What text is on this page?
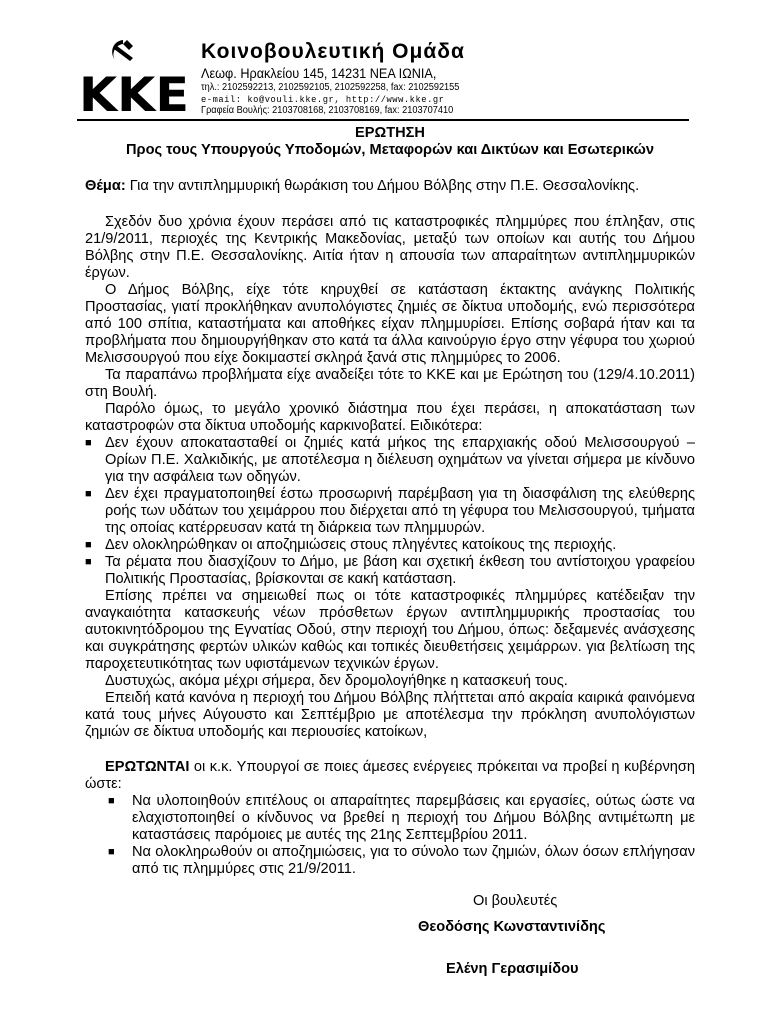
KKE
Κοινοβουλευτική Ομάδα
Λεωφ. Ηρακλείου 145, 14231 ΝΕΑ ΙΩΝΙΑ,
τηλ.: 2102592213, 2102592105, 2102592258, fax: 2102592155
e-mail: ko@vouli.kke.gr, http://www.kke.gr
Γραφεία Βουλής: 2103708168, 2103708169, fax: 2103707410
ΕΡΩΤΗΣΗ
Προς τους Υπουργούς Υποδομών, Μεταφορών και Δικτύων και Εσωτερικών
Θέμα: Για την αντιπλημμυρική θωράκιση του Δήμου Βόλβης στην Π.Ε. Θεσσαλονίκης.

Σχεδόν δυο χρόνια έχουν περάσει από τις καταστροφικές πλημμύρες που έπληξαν, στις 21/9/2011, περιοχές της Κεντρικής Μακεδονίας, μεταξύ των οποίων και αυτής του Δήμου Βόλβης στην Π.Ε. Θεσσαλονίκης. Αιτία ήταν η απουσία των απαραίτητων αντιπλημμυρικών έργων.

Ο Δήμος Βόλβης, είχε τότε κηρυχθεί σε κατάσταση έκτακτης ανάγκης Πολιτικής Προστασίας, γιατί προκλήθηκαν ανυπολόγιστες ζημιές σε δίκτυα υποδομής, ενώ περισσότερα από 100 σπίτια, καταστήματα και αποθήκες είχαν πλημμυρίσει. Επίσης σοβαρά ήταν και τα προβλήματα που δημιουργήθηκαν στο κατά τα άλλα καινούργιο έργο στην γέφυρα του χωριού Μελισσουργού που είχε δοκιμαστεί σκληρά ξανά στις πλημμύρες το 2006.

Τα παραπάνω προβλήματα είχε αναδείξει τότε το ΚΚΕ και με Ερώτηση του (129/4.10.2011) στη Βουλή.

Παρόλο όμως, το μεγάλο χρονικό διάστημα που έχει περάσει, η αποκατάσταση των καταστροφών στα δίκτυα υποδομής καρκινοβατεί. Ειδικότερα:

■ Δεν έχουν αποκατασταθεί οι ζημιές κατά μήκος της επαρχιακής οδού Μελισσουργού – Ορίων Π.Ε. Χαλκιδικής, με αποτέλεσμα η διέλευση οχημάτων να γίνεται σήμερα με κίνδυνο για την ασφάλεια των οδηγών.
■ Δεν έχει πραγματοποιηθεί έστω προσωρινή παρέμβαση για τη διασφάλιση της ελεύθερης ροής των υδάτων του χειμάρρου που διέρχεται από τη γέφυρα του Μελισσουργού, τμήματα της οποίας κατέρρευσαν κατά τη διάρκεια των πλημμυρών.
■ Δεν ολοκληρώθηκαν οι αποζημιώσεις στους πληγέντες κατοίκους της περιοχής.
■ Τα ρέματα που διασχίζουν το Δήμο, με βάση και σχετική έκθεση του αντίστοιχου γραφείου Πολιτικής Προστασίας, βρίσκονται σε κακή κατάσταση.

Επίσης πρέπει να σημειωθεί πως οι τότε καταστροφικές πλημμύρες κατέδειξαν την αναγκαιότητα κατασκευής νέων πρόσθετων έργων αντιπλημμυρικής προστασίας του αυτοκινητόδρομου της Εγνατίας Οδού, στην περιοχή του Δήμου, όπως: δεξαμενές ανάσχεσης και συγκράτησης φερτών υλικών καθώς και τοπικές διευθετήσεις χειμάρρων. για βελτίωση της παροχετευτικότητας των υφιστάμενων τεχνικών έργων.

Δυστυχώς, ακόμα μέχρι σήμερα, δεν δρομολογήθηκε η κατασκευή τους.

Επειδή κατά κανόνα η περιοχή του Δήμου Βόλβης πλήττεται από ακραία καιρικά φαινόμενα κατά τους μήνες Αύγουστο και Σεπτέμβριο με αποτέλεσμα την πρόκληση ανυπολόγιστων ζημιών σε δίκτυα υποδομής και περιουσίες κατοίκων,

ΕΡΩΤΩΝΤΑΙ οι κ.κ. Υπουργοί σε ποιες άμεσες ενέργειες πρόκειται να προβεί η κυβέρνηση ώστε:
■ Να υλοποιηθούν επιτέλους οι απαραίτητες παρεμβάσεις και εργασίες, ούτως ώστε να ελαχιστοποιηθεί ο κίνδυνος να βρεθεί η περιοχή του Δήμου Βόλβης αντιμέτωπη με καταστάσεις παρόμοιες με αυτές της 21ης Σεπτεμβρίου 2011.
■ Να ολοκληρωθούν οι αποζημιώσεις, για το σύνολο των ζημιών, όλων όσων επλήγησαν από τις πλημμύρες στις 21/9/2011.
Οι βουλευτές
Θεοδόσης Κωνσταντινίδης
Ελένη Γερασιμίδου
